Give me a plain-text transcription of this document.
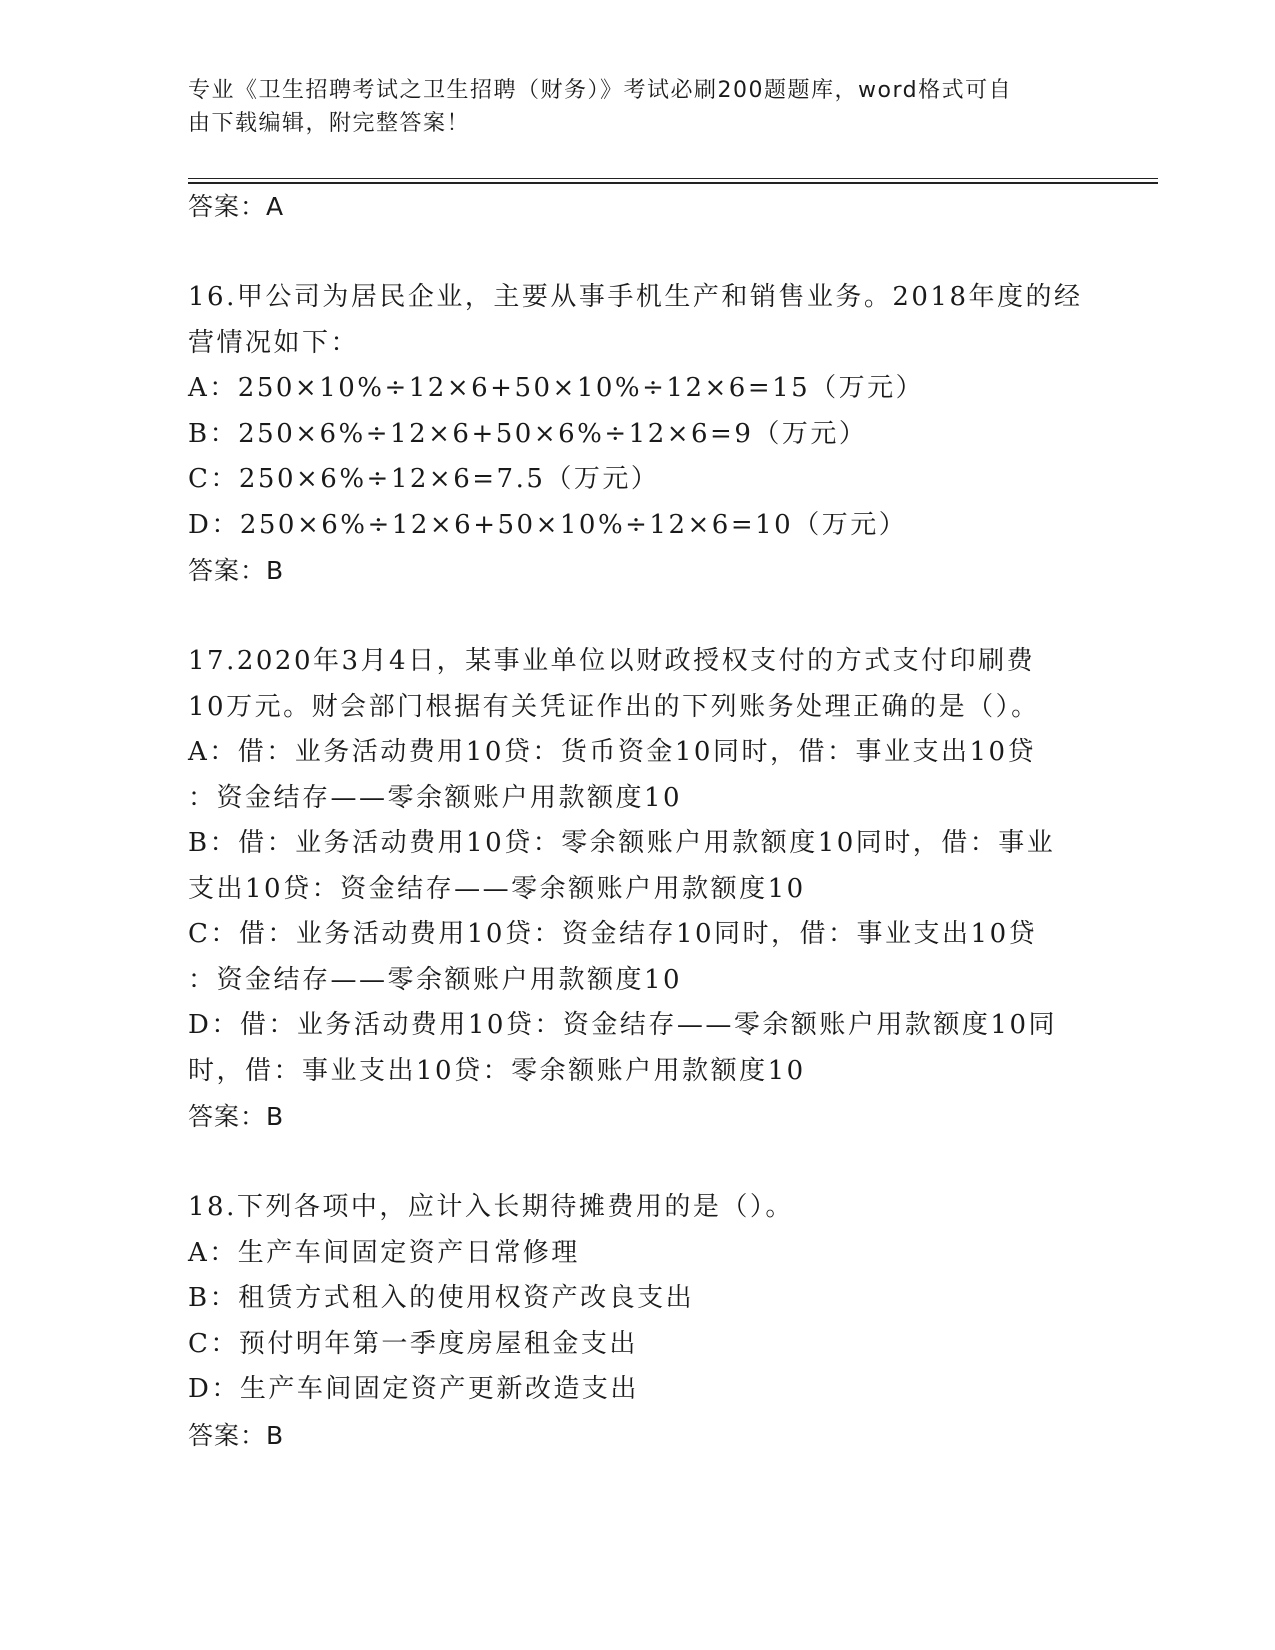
专业《卫生招聘考试之卫生招聘（财务）》考试必刷200题题库，word格式可自
由下载编辑，附完整答案！
答案：A
16.甲公司为居民企业，主要从事手机生产和销售业务。2018年度的经
营情况如下：
A：250×10%÷12×6+50×10%÷12×6=15（万元）
B：250×6%÷12×6+50×6%÷12×6=9（万元）
C：250×6%÷12×6=7.5（万元）
D：250×6%÷12×6+50×10%÷12×6=10（万元）
答案：B
17.2020年3月4日，某事业单位以财政授权支付的方式支付印刷费
10万元。财会部门根据有关凭证作出的下列账务处理正确的是（）。
A：借：业务活动费用10贷：货币资金10同时，借：事业支出10贷
：资金结存——零余额账户用款额度10
B：借：业务活动费用10贷：零余额账户用款额度10同时，借：事业
支出10贷：资金结存——零余额账户用款额度10
C：借：业务活动费用10贷：资金结存10同时，借：事业支出10贷
：资金结存——零余额账户用款额度10
D：借：业务活动费用10贷：资金结存——零余额账户用款额度10同
时，借：事业支出10贷：零余额账户用款额度10
答案：B
18.下列各项中，应计入长期待摊费用的是（）。
A：生产车间固定资产日常修理
B：租赁方式租入的使用权资产改良支出
C：预付明年第一季度房屋租金支出
D：生产车间固定资产更新改造支出
答案：B
